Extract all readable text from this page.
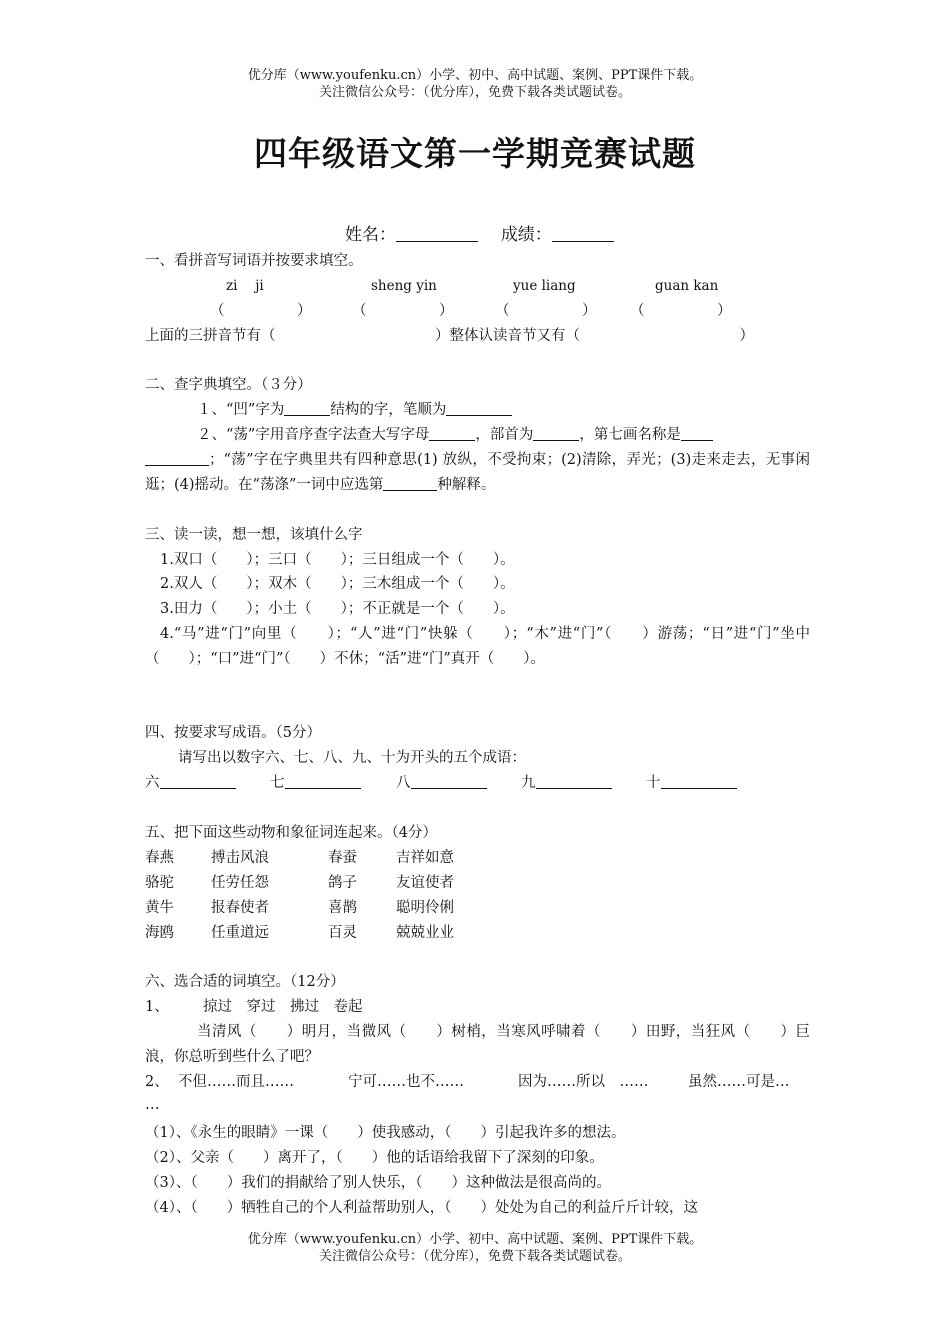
优分库（www.youfenku.cn）小学、初中、高中试题、案例、PPT课件下载。
关注微信公众号：（优分库），免费下载各类试题试卷。
四年级语文第一学期竞赛试题
姓名：	成绩：
一、看拼音写词语并按要求填空。
zi　 ji	sheng yin	yue liang	guan kan
（　　　　　）	（　　　　　）	（　　　　　） （　　　　　）
上面的三拼音节有（　　　　　　　　　　　）整体认读音节又有（　　　　　　　　　　　）
二、查字典填空。（３分）
１、“凹”字为	结构的字，笔顺为
２、“荡”字用音序查字法查大写字母	，部首为	，第七画名称是
；“荡”字在字典里共有四种意思(1) 放纵，不受拘束；(2)清除，弄光；(3)走来走去，无事闲逛；(4)摇动。在“荡涤”一词中应选第	种解释。
三、读一读，想一想，该填什么字
1.双口（　　）；三口（　　）；三日组成一个（　　）。
2.双人（　　）；双木（　　）；三木组成一个（　　）。
3.田力（　　）；小土（　　）；不正就是一个（　　）。
4.“马”进“门”向里（　　）；“人”进“门”快躲（　　）；“木”进“门”（　　）游荡；“日”进“门”坐中（　　）；“口”进“门”（　　）不休；“活”进“门”真开（　　）。
四、按要求写成语。（5分）
请写出以数字六、七、八、九、十为开头的五个成语：
六	七	八	九	十
五、把下面这些动物和象征词连起来。（4分）
春燕	搏击风浪	春蚕	吉祥如意
骆驼	任劳任怨	鸽子	友谊使者
黄牛	报春使者	喜鹊	聪明伶俐
海鸥	任重道远	百灵	兢兢业业
六、选合适的词填空。（12分）
1、 掠过　穿过　拂过　卷起
当清风（　　）明月，当微风（　　）树梢，当寒风呼啸着（　　）田野，当狂风（　　）巨浪，你总听到些什么了吧？
2、 不但……而且……	宁可……也不……	因为……所以　……	虽然……可是…
…
（1）、《永生的眼睛》一课（　　）使我感动，（　　）引起我许多的想法。
（2）、父亲（　　）离开了，（　　）他的话语给我留下了深刻的印象。
（3）、（　　）我们的捐献给了别人快乐，（　　）这种做法是很高尚的。
（4）、（　　）牺牲自己的个人利益帮助别人，（　　）处处为自己的利益斤斤计较，这
优分库（www.youfenku.cn）小学、初中、高中试题、案例、PPT课件下载。
关注微信公众号：（优分库），免费下载各类试题试卷。
